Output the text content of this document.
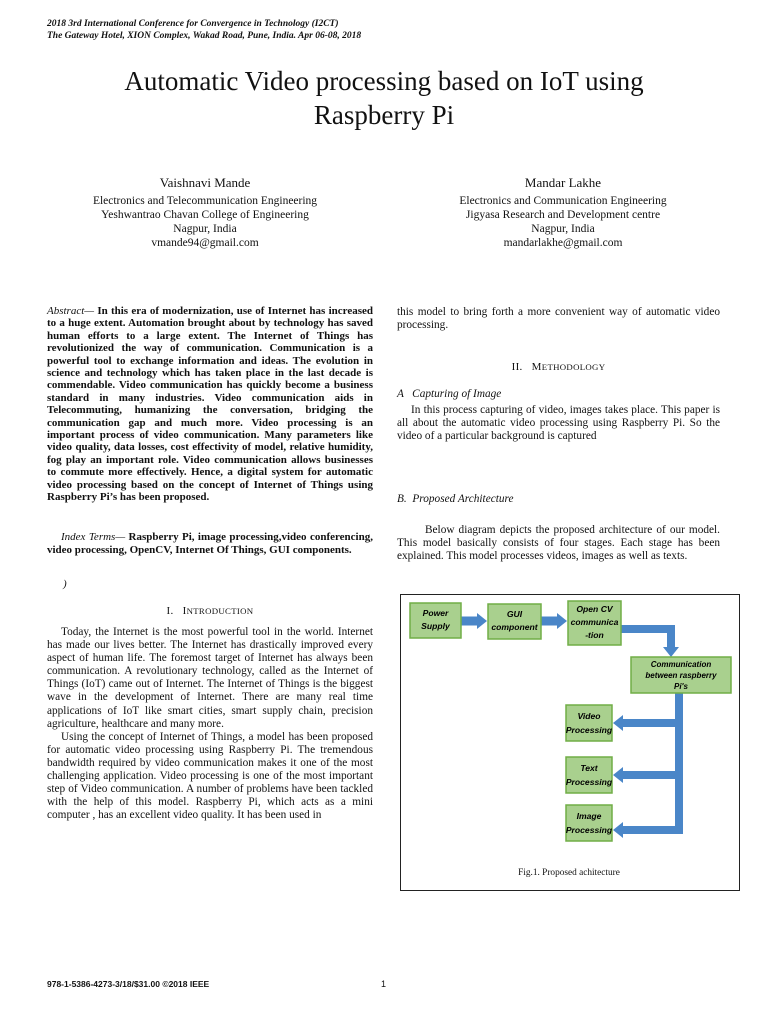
2018 3rd International Conference for Convergence in Technology (I2CT)
The Gateway Hotel, XION Complex, Wakad Road, Pune, India. Apr 06-08, 2018
Automatic Video processing based on IoT using
Raspberry Pi
Vaishnavi Mande
Electronics and Telecommunication Engineering
Yeshwantrao Chavan College of Engineering
Nagpur, India
vmande94@gmail.com
Mandar Lakhe
Electronics and Communication Engineering
Jigyasa Research and Development centre
Nagpur, India
mandarlakhe@gmail.com
Abstract— In this era of modernization, use of Internet has increased to a huge extent. Automation brought about by technology has saved human efforts to a large extent. The Internet of Things has revolutionized the way of communication. Communication is a powerful tool to exchange information and ideas. The evolution in science and technology which has taken place in the last decade is commendable. Video communication has quickly become a business standard in many industries. Video communication aids in Telecommuting, humanizing the conversation, bridging the communication gap and much more. Video processing is an important process of video communication. Many parameters like video quality, data losses, cost effectivity of model, relative humidity, fog play an important role. Video communication allows businesses to commute more effectively. Hence, a digital system for automatic video processing based on the concept of Internet of Things using Raspberry Pi’s has been proposed.
Index Terms— Raspberry Pi, image processing,video conferencing, video processing, OpenCV, Internet Of Things, GUI components.
)
I. INTRODUCTION

Today, the Internet is the most powerful tool in the world. Internet has made our lives better. The Internet has drastically improved every aspect of human life. The foremost target of Internet has always been communication. A revolutionary technology, called as the Internet of Things (IoT) came out of Internet. The Internet of Things is the biggest wave in the development of Internet. There are many real time applications of IoT like smart cities, smart supply chain, precision agriculture, healthcare and many more.

Using the concept of Internet of Things, a model has been proposed for automatic video processing using Raspberry Pi. The tremendous bandwidth required by video communication makes it one of the most challenging application. Video processing is one of the most important step of Video communication. A number of problems have been tackled with the help of this model. Raspberry Pi, which acts as a mini computer , has an excellent video quality. It has been used in

this model to bring forth a more convenient way of automatic video processing.
II. METHODOLOGY
A   Capturing of Image

In this process capturing of video, images takes place. This paper is all about the automatic video processing using Raspberry Pi. So the video of a particular background is captured

B.  Proposed Architecture

Below diagram depicts the proposed architecture of our model. This model basically consists of four stages. Each stage has been explained. This model processes videos, images as well as texts.

Power
Supply
GUI
component
Open CV
communica
-tion
Communication
between raspberry
Pi's
Video
Processing
Text
Processing
Image
Processing
Fig.1. Proposed achitecture
978-1-5386-4273-3/18/$31.00 ©2018 IEEE	1
